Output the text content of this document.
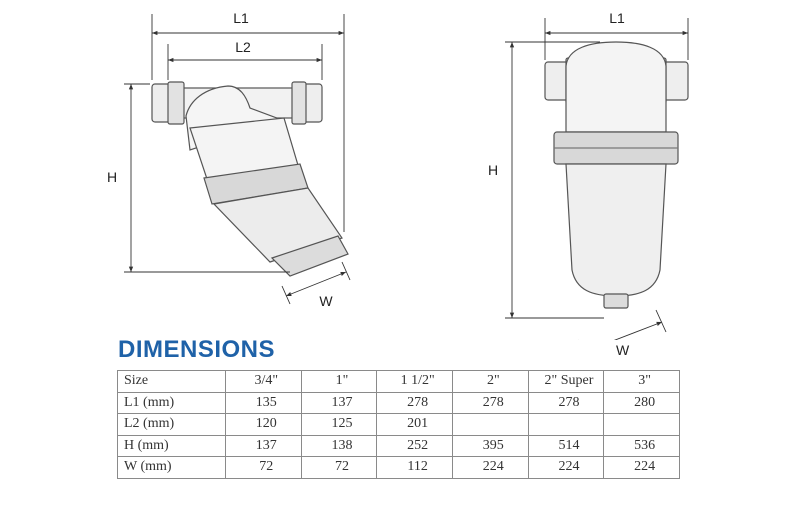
L1
L2
H
W
L1
H
W
DIMENSIONS
Size	3/4"	1"	1 1/2"	2"	2" Super	3"
L1 (mm)	135	137	278	278	278	280
L2 (mm)	120	125	201			
H (mm)	137	138	252	395	514	536
W (mm)	72	72	112	224	224	224
